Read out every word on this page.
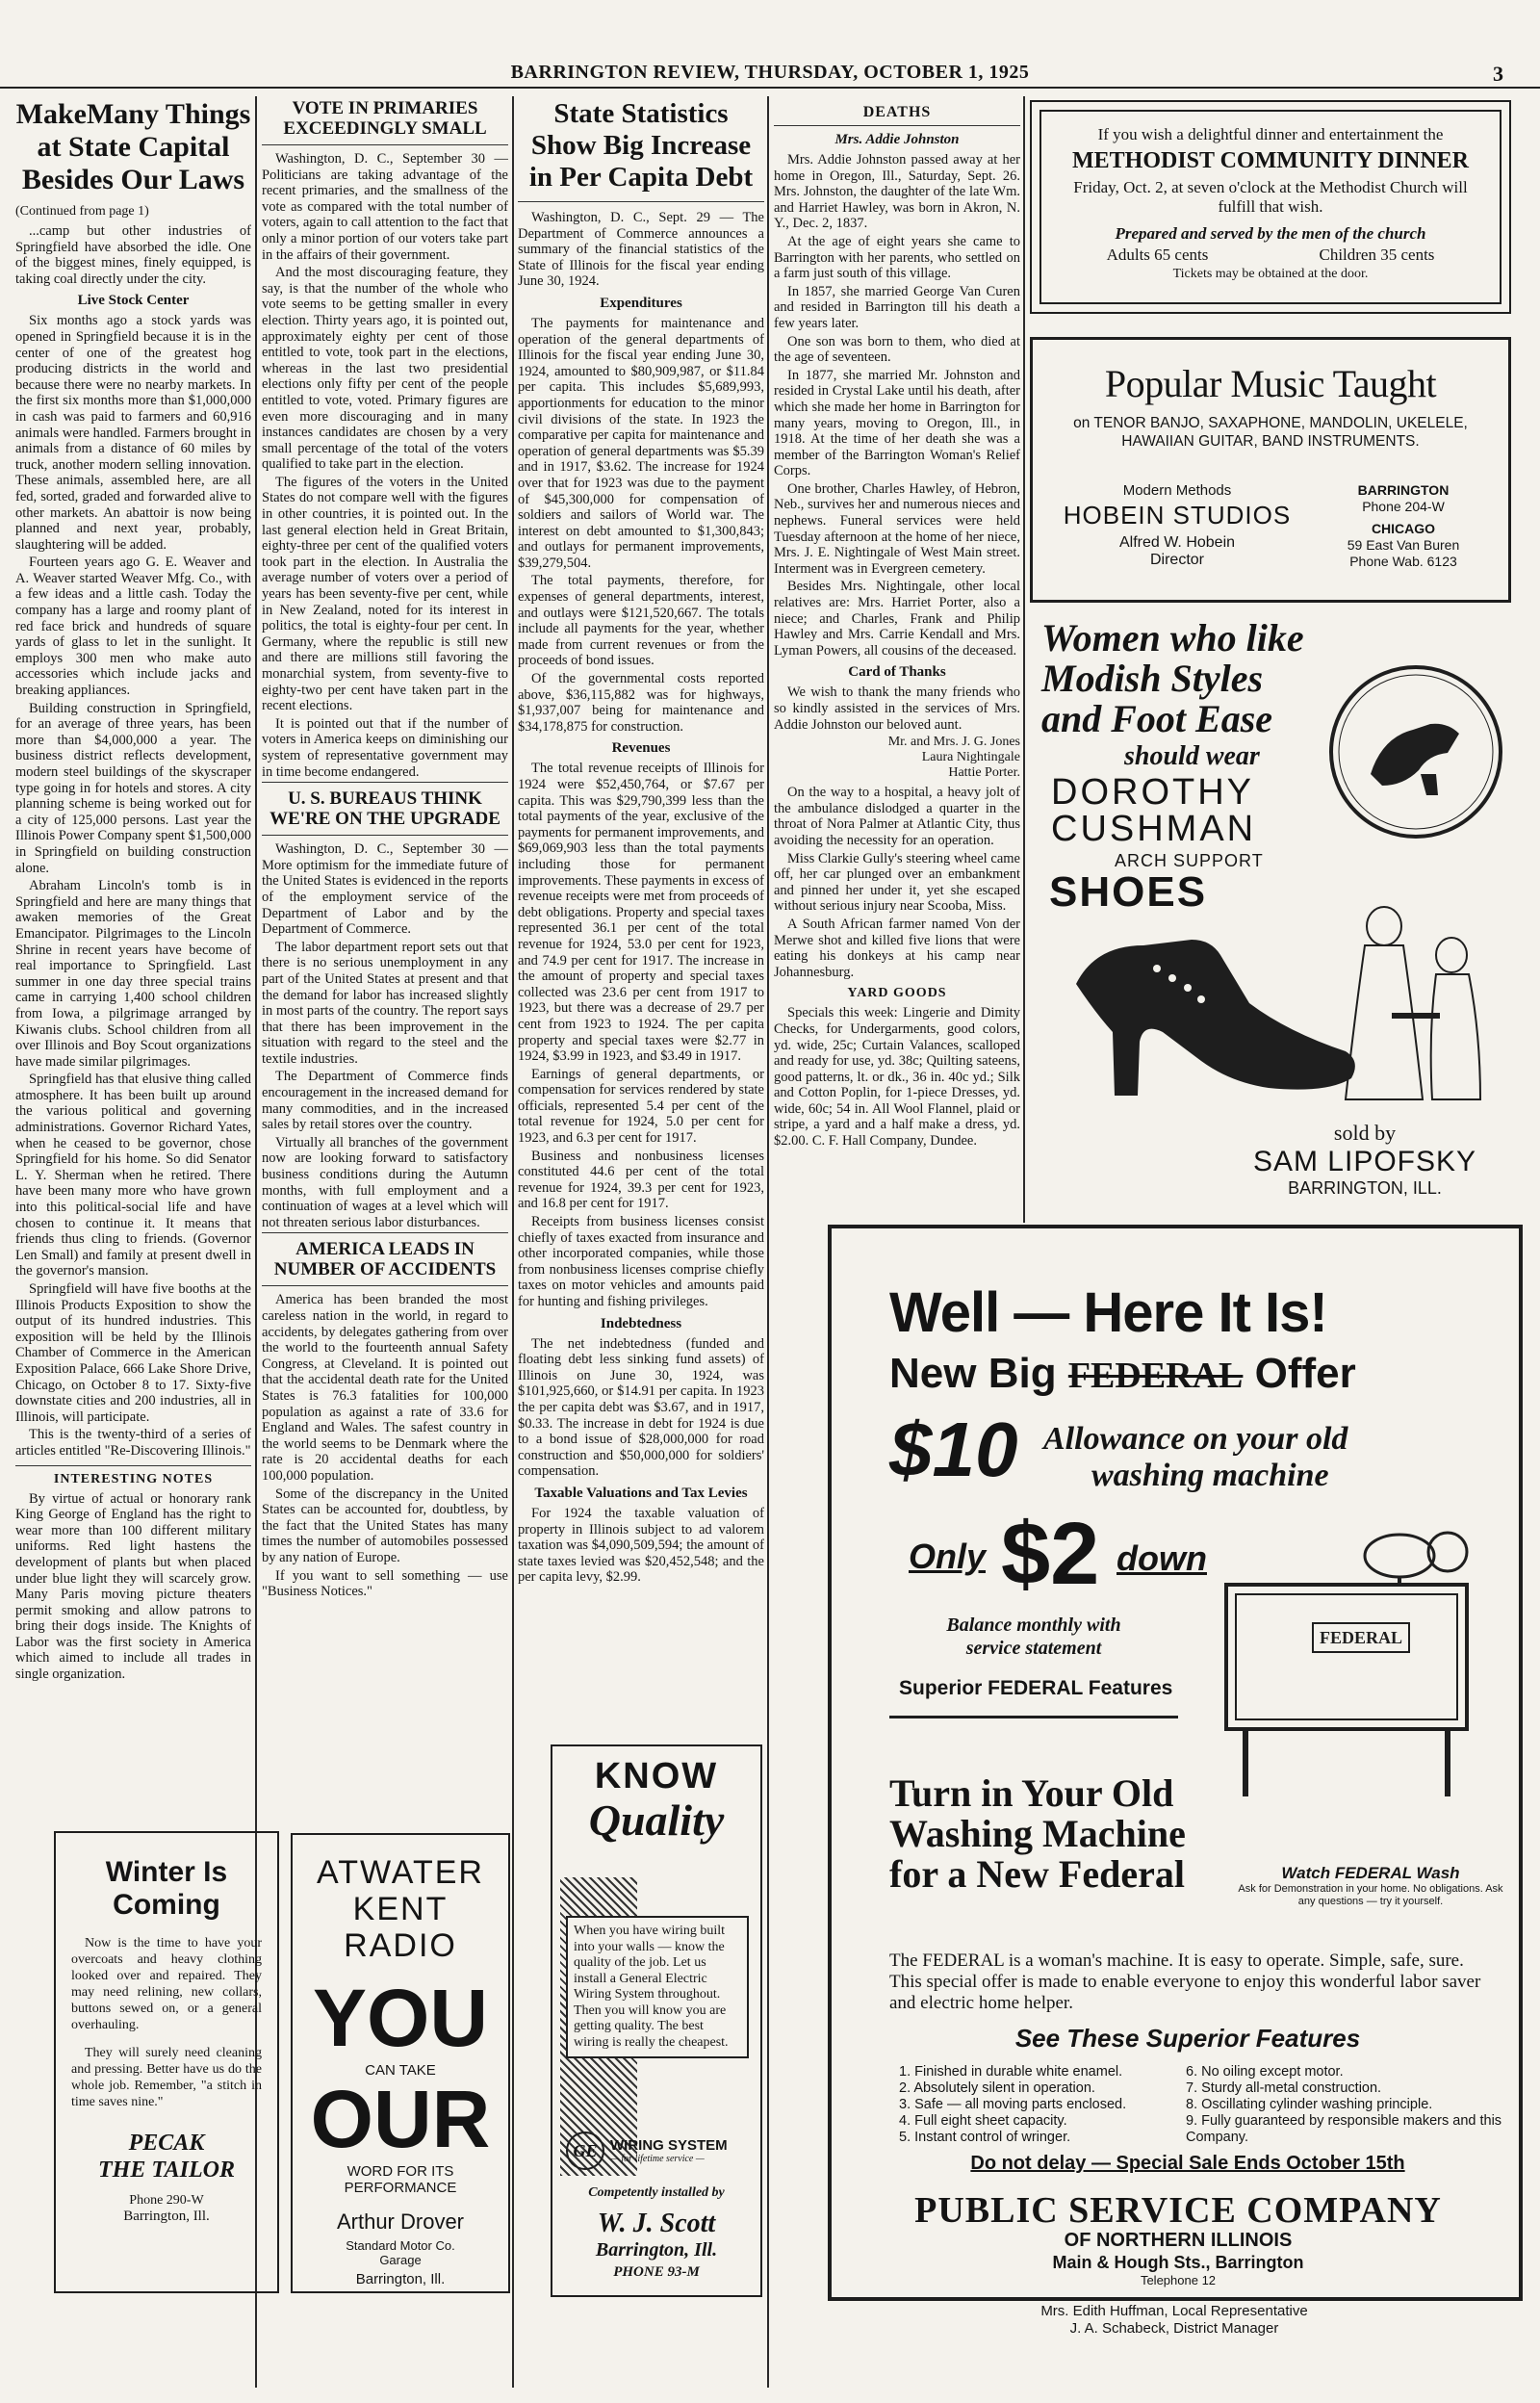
BARRINGTON REVIEW, THURSDAY, OCTOBER 1, 1925	3
MakeMany Things at State Capital Besides Our Laws
(Continued from page 1)

...camp but other industries of Springfield have absorbed the idle. One of the biggest mines, finely equipped, is taking coal directly under the city.

Live Stock Center

Six months ago a stock yards was opened in Springfield because it is in the center of one of the greatest hog producing districts in the world and because there were no nearby markets. In the first six months more than $1,000,000 in cash was paid to farmers and 60,916 animals were handled. Farmers brought in animals from a distance of 60 miles by truck, another modern selling innovation. These animals, assembled here, are all fed, sorted, graded and forwarded alive to other markets. An abattoir is now being planned and next year, probably, slaughtering will be added.

Fourteen years ago G. E. Weaver and A. Weaver started Weaver Mfg. Co., with a few ideas and a little cash. Today the company has a large and roomy plant of red face brick and hundreds of square yards of glass to let in the sunlight. It employs 300 men who make auto accessories which include jacks and breaking appliances.

Building construction in Springfield, for an average of three years, has been more than $4,000,000 a year. The business district reflects development, modern steel buildings of the skyscraper type going in for hotels and stores. A city planning scheme is being worked out for a city of 125,000 persons. Last year the Illinois Power Company spent $1,500,000 in Springfield on building construction alone.

Abraham Lincoln's tomb is in Springfield and here are many things that awaken memories of the Great Emancipator. Pilgrimages to the Lincoln Shrine in recent years have become of real importance to Springfield. Last summer in one day three special trains came in carrying 1,400 school children from Iowa, a pilgrimage arranged by Kiwanis clubs. School children from all over Illinois and Boy Scout organizations have made similar pilgrimages.

Springfield has that elusive thing called atmosphere. It has been built up around the various political and governing administrations. Governor Richard Yates, when he ceased to be governor, chose Springfield for his home. So did Senator L. Y. Sherman when he retired. There have been many more who have grown into this political-social life and have chosen to continue it. It means that friends thus cling to friends. (Governor Len Small) and family at present dwell in the governor's mansion.

Springfield will have five booths at the Illinois Products Exposition to show the output of its hundred industries. This exposition will be held by the Illinois Chamber of Commerce in the American Exposition Palace, 666 Lake Shore Drive, Chicago, on October 8 to 17. Sixty-five downstate cities and 200 industries, all in Illinois, will participate.

This is the twenty-third of a series of articles entitled "Re-Discovering Illinois."

INTERESTING NOTES

By virtue of actual or honorary rank King George of England has the right to wear more than 100 different military uniforms. Red light hastens the development of plants but when placed under blue light they will scarcely grow. Many Paris moving picture theaters permit smoking and allow patrons to bring their dogs inside. The Knights of Labor was the first society in America which aimed to include all trades in single organization.

VOTE IN PRIMARIES EXCEEDINGLY SMALL

Washington, D. C., September 30 — Politicians are taking advantage of the recent primaries, and the smallness of the vote as compared with the total number of voters, again to call attention to the fact that only a minor portion of our voters take part in the affairs of their government.

And the most discouraging feature, they say, is that the number of the whole who vote seems to be getting smaller in every election. Thirty years ago, it is pointed out, approximately eighty per cent of those entitled to vote, took part in the elections, whereas in the last two presidential elections only fifty per cent of the people entitled to vote, voted. Primary figures are even more discouraging and in many instances candidates are chosen by a very small percentage of the total of the voters qualified to take part in the election.

The figures of the voters in the United States do not compare well with the figures in other countries, it is pointed out. In the last general election held in Great Britain, eighty-three per cent of the qualified voters took part in the election. In Australia the average number of voters over a period of years has been seventy-five per cent, while in New Zealand, noted for its interest in politics, the total is eighty-four per cent. In Germany, where the republic is still new and there are millions still favoring the monarchial system, from seventy-five to eighty-two per cent have taken part in the recent elections.

It is pointed out that if the number of voters in America keeps on diminishing our system of representative government may in time become endangered.

U. S. BUREAUS THINK WE'RE ON THE UPGRADE

Washington, D. C., September 30 — More optimism for the immediate future of the United States is evidenced in the reports of the employment service of the Department of Labor and by the Department of Commerce.

The labor department report sets out that there is no serious unemployment in any part of the United States at present and that the demand for labor has increased slightly in most parts of the country. The report says that there has been improvement in the situation with regard to the steel and the textile industries.

The Department of Commerce finds encouragement in the increased demand for many commodities, and in the increased sales by retail stores over the country.

Virtually all branches of the government now are looking forward to satisfactory business conditions during the Autumn months, with full employment and a continuation of wages at a level which will not threaten serious labor disturbances.

AMERICA LEADS IN NUMBER OF ACCIDENTS

America has been branded the most careless nation in the world, in regard to accidents, by delegates gathering from over the world to the fourteenth annual Safety Congress, at Cleveland. It is pointed out that the accidental death rate for the United States is 76.3 fatalities for 100,000 population as against a rate of 33.6 for England and Wales. The safest country in the world seems to be Denmark where the rate is 20 accidental deaths for each 100,000 population.

Some of the discrepancy in the United States can be accounted for, doubtless, by the fact that the United States has many times the number of automobiles possessed by any nation of Europe.

If you want to sell something — use "Business Notices."

State Statistics Show Big Increase in Per Capita Debt

Washington, D. C., Sept. 29 — The Department of Commerce announces a summary of the financial statistics of the State of Illinois for the fiscal year ending June 30, 1924.

Expenditures

The payments for maintenance and operation of the general departments of Illinois for the fiscal year ending June 30, 1924, amounted to $80,909,987, or $11.84 per capita. This includes $5,689,993, apportionments for education to the minor civil divisions of the state. In 1923 the comparative per capita for maintenance and operation of general departments was $5.39 and in 1917, $3.62. The increase for 1924 over that for 1923 was due to the payment of $45,300,000 for compensation of soldiers and sailors of World war. The interest on debt amounted to $1,300,843; and outlays for permanent improvements, $39,279,504.

The total payments, therefore, for expenses of general departments, interest, and outlays were $121,520,667. The totals include all payments for the year, whether made from current revenues or from the proceeds of bond issues.

Of the governmental costs reported above, $36,115,882 was for highways, $1,937,007 being for maintenance and $34,178,875 for construction.

Revenues

The total revenue receipts of Illinois for 1924 were $52,450,764, or $7.67 per capita. This was $29,790,399 less than the total payments of the year, exclusive of the payments for permanent improvements, and $69,069,903 less than the total payments including those for permanent improvements. These payments in excess of revenue receipts were met from proceeds of debt obligations. Property and special taxes represented 36.1 per cent of the total revenue for 1924, 53.0 per cent for 1923, and 74.9 per cent for 1917. The increase in the amount of property and special taxes collected was 23.6 per cent from 1917 to 1923, but there was a decrease of 29.7 per cent from 1923 to 1924. The per capita property and special taxes were $2.77 in 1924, $3.99 in 1923, and $3.49 in 1917.

Earnings of general departments, or compensation for services rendered by state officials, represented 5.4 per cent of the total revenue for 1924, 5.0 per cent for 1923, and 6.3 per cent for 1917.

Business and nonbusiness licenses constituted 44.6 per cent of the total revenue for 1924, 39.3 per cent for 1923, and 16.8 per cent for 1917.

Receipts from business licenses consist chiefly of taxes exacted from insurance and other incorporated companies, while those from nonbusiness licenses comprise chiefly taxes on motor vehicles and amounts paid for hunting and fishing privileges.

Indebtedness

The net indebtedness (funded and floating debt less sinking fund assets) of Illinois on June 30, 1924, was $101,925,660, or $14.91 per capita. In 1923 the per capita debt was $3.67, and in 1917, $0.33. The increase in debt for 1924 is due to a bond issue of $28,000,000 for road construction and $50,000,000 for soldiers' compensation.

Taxable Valuations and Tax Levies

For 1924 the taxable valuation of property in Illinois subject to ad valorem taxation was $4,090,509,594; the amount of state taxes levied was $20,452,548; and the per capita levy, $2.99.

DEATHS
Mrs. Addie Johnston

Mrs. Addie Johnston passed away at her home in Oregon, Ill., Saturday, Sept. 26. Mrs. Johnston, the daughter of the late Wm. and Harriet Hawley, was born in Akron, N. Y., Dec. 2, 1837.

At the age of eight years she came to Barrington with her parents, who settled on a farm just south of this village.

In 1857, she married George Van Curen and resided in Barrington till his death a few years later.

One son was born to them, who died at the age of seventeen.

In 1877, she married Mr. Johnston and resided in Crystal Lake until his death, after which she made her home in Barrington for many years, moving to Oregon, Ill., in 1918. At the time of her death she was a member of the Barrington Woman's Relief Corps.

One brother, Charles Hawley, of Hebron, Neb., survives her and numerous nieces and nephews. Funeral services were held Tuesday afternoon at the home of her niece, Mrs. J. E. Nightingale of West Main street. Interment was in Evergreen cemetery.

Besides Mrs. Nightingale, other local relatives are: Mrs. Harriet Porter, also a niece; and Charles, Frank and Philip Hawley and Mrs. Carrie Kendall and Mrs. Lyman Powers, all cousins of the deceased.

Card of Thanks

We wish to thank the many friends who so kindly assisted in the services of Mrs. Addie Johnston our beloved aunt.

Mr. and Mrs. J. G. Jones
Laura Nightingale
Hattie Porter.

On the way to a hospital, a heavy jolt of the ambulance dislodged a quarter in the throat of Nora Palmer at Atlantic City, thus avoiding the necessity for an operation.

Miss Clarkie Gully's steering wheel came off, her car plunged over an embankment and pinned her under it, yet she escaped without serious injury near Scooba, Miss.

A South African farmer named Von der Merwe shot and killed five lions that were eating his donkeys at his camp near Johannesburg.

YARD GOODS

Specials this week: Lingerie and Dimity Checks, for Undergarments, good colors, yd. wide, 25c; Curtain Valances, scalloped and ready for use, yd. 38c; Quilting sateens, good patterns, lt. or dk., 36 in. 40c yd.; Silk and Cotton Poplin, for 1-piece Dresses, yd. wide, 60c; 54 in. All Wool Flannel, plaid or stripe, a yard and a half make a dress, yd. $2.00. C. F. Hall Company, Dundee.

If you wish a delightful dinner and entertainment the
METHODIST COMMUNITY DINNER
Friday, Oct. 2, at seven o'clock at the Methodist Church will fulfill that wish.
Prepared and served by the men of the church
Adults 65 cents	Children 35 cents
Tickets may be obtained at the door.
Popular Music Taught
on TENOR BANJO, SAXAPHONE, MANDOLIN, UKELELE, HAWAIIAN GUITAR, BAND INSTRUMENTS.
Modern Methods
HOBEIN STUDIOS
Alfred W. Hobein
Director
BARRINGTON
Phone 204-W
CHICAGO
59 East Van Buren
Phone Wab. 6123
Women who like
Modish Styles
and Foot Ease
should wear
DOROTHY
CUSHMAN
ARCH SUPPORT
SHOES
sold by
SAM LIPOFSKY
BARRINGTON, ILL.
Well — Here It Is!
New Big FEDERAL Offer
$10 Allowance on your old
washing machine
Only $2 down
Balance monthly with
service statement
Superior FEDERAL Features
FEDERAL
Turn in Your Old
Washing Machine
for a New Federal	Watch FEDERAL Wash
Ask for Demonstration in your home. No obligations. Ask any questions — try it yourself.
The FEDERAL is a woman's machine. It is easy to operate. Simple, safe, sure. This special offer is made to enable everyone to enjoy this wonderful labor saver and electric home helper.
See These Superior Features
1. Finished in durable white enamel.
2. Absolutely silent in operation.
3. Safe — all moving parts enclosed.
4. Full eight sheet capacity.
5. Instant control of wringer.
6. No oiling except motor.
7. Sturdy all-metal construction.
8. Oscillating cylinder washing principle.
9. Fully guaranteed by responsible makers and this Company.
Do not delay — Special Sale Ends October 15th
PUBLIC SERVICE COMPANY
OF NORTHERN ILLINOIS
Main & Hough Sts., Barrington
Telephone 12
Mrs. Edith Huffman, Local Representative
J. A. Schabeck, District Manager
Winter Is
Coming

Now is the time to have your overcoats and heavy clothing looked over and repaired. They may need relining, new collars, buttons sewed on, or a general overhauling.

They will surely need cleaning and pressing. Better have us do the whole job. Remember, "a stitch in time saves nine."

PECAK
THE TAILOR
Phone 290-W
Barrington, Ill.
ATWATER
KENT
RADIO
YOU
CAN TAKE
OUR
WORD FOR ITS PERFORMANCE
Arthur Drover
Standard Motor Co. Garage
Barrington, Ill.
KNOW
Quality
When you have wiring built into your walls — know the quality of the job. Let us install a General Electric Wiring System throughout. Then you will know you are getting quality. The best wiring is really the cheapest.
GE WIRING SYSTEM
— for lifetime service —
Competently installed by
W. J. Scott
Barrington, Ill.
PHONE 93-M
